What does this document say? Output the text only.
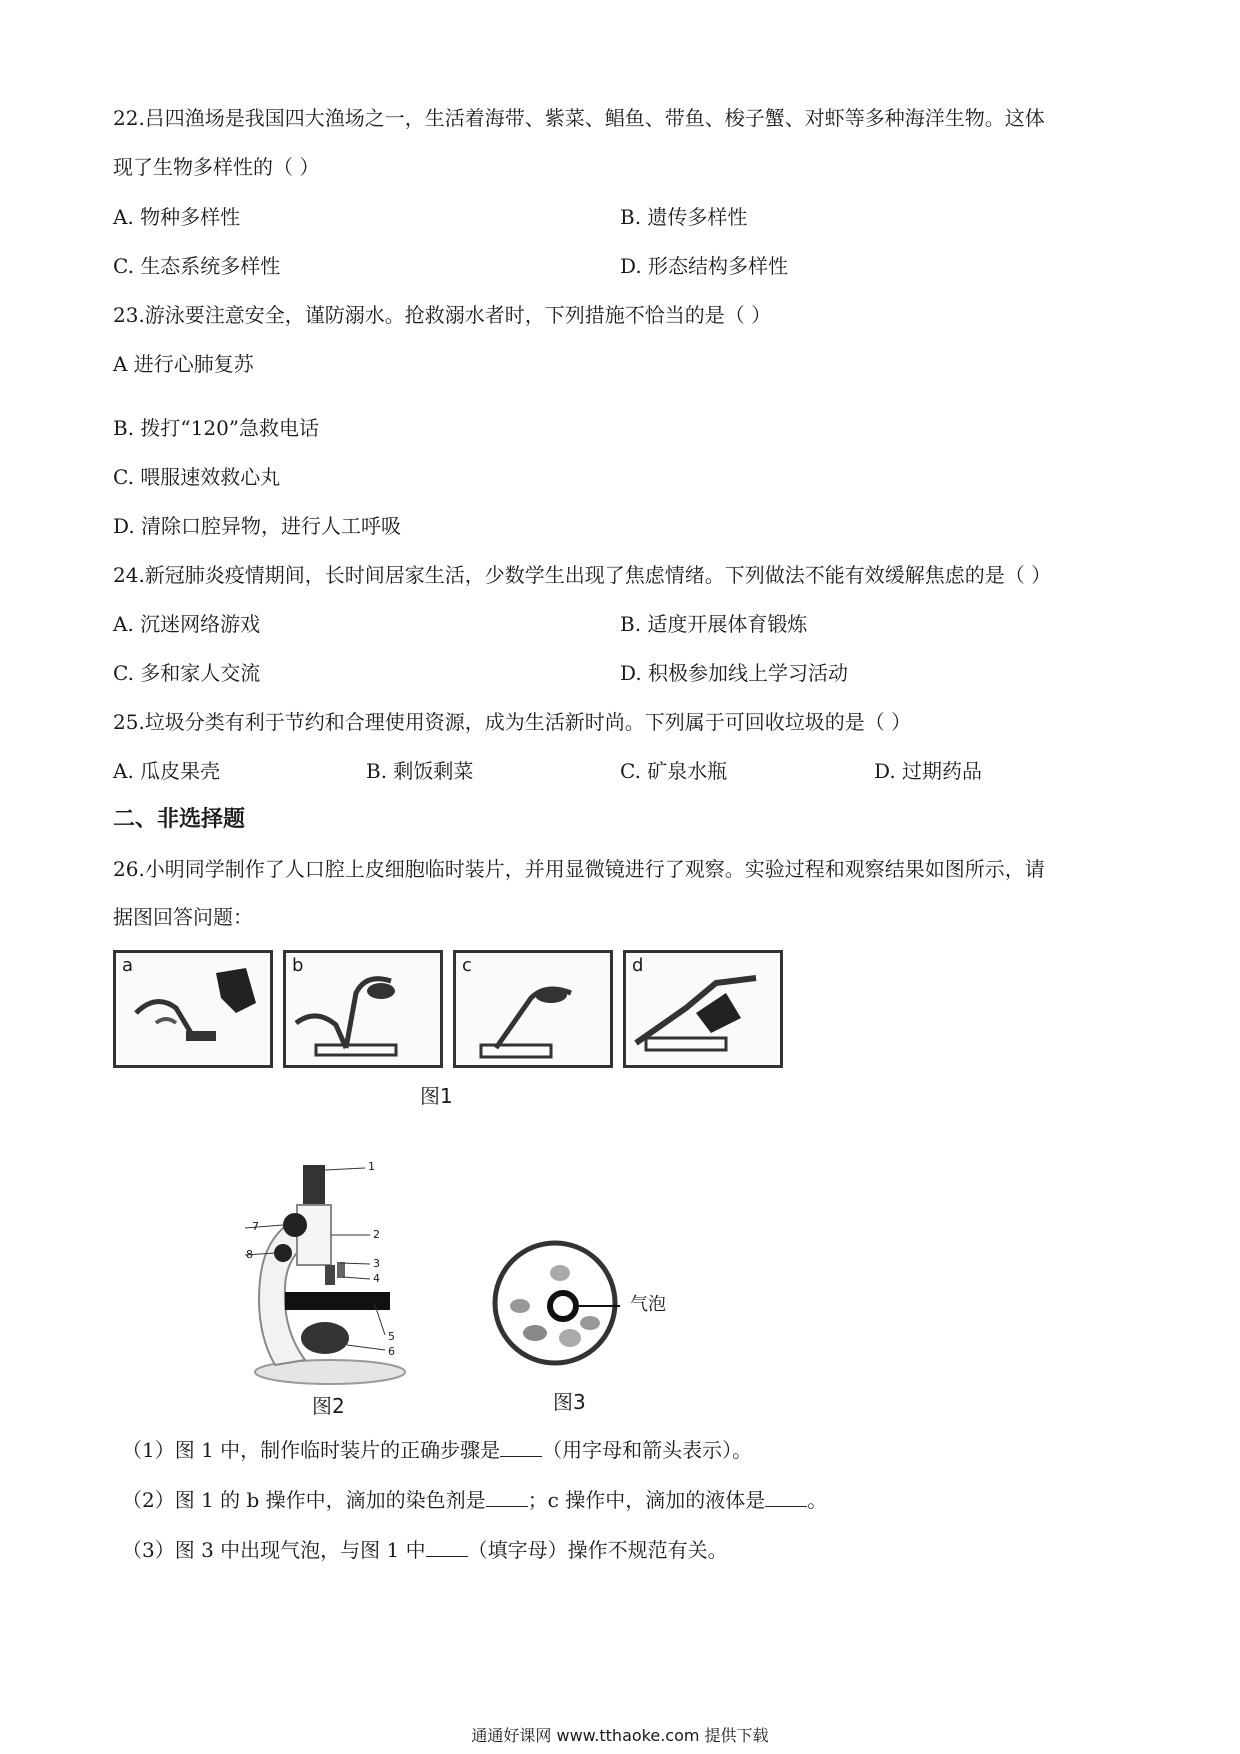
22.吕四渔场是我国四大渔场之一，生活着海带、紫菜、鲳鱼、带鱼、梭子蟹、对虾等多种海洋生物。这体
现了生物多样性的（ ）
A. 物种多样性	B. 遗传多样性
C. 生态系统多样性	D. 形态结构多样性
23.游泳要注意安全，谨防溺水。抢救溺水者时，下列措施不恰当的是（ ）
A 进行心肺复苏
B. 拨打“120”急救电话
C. 喂服速效救心丸
D. 清除口腔异物，进行人工呼吸
24.新冠肺炎疫情期间，长时间居家生活，少数学生出现了焦虑情绪。下列做法不能有效缓解焦虑的是（ ）
A. 沉迷网络游戏	B. 适度开展体育锻炼
C. 多和家人交流	D. 积极参加线上学习活动
25.垃圾分类有利于节约和合理使用资源，成为生活新时尚。下列属于可回收垃圾的是（ ）
A. 瓜皮果壳	B. 剩饭剩菜	C. 矿泉水瓶	D. 过期药品
二、非选择题
26.小明同学制作了人口腔上皮细胞临时装片，并用显微镜进行了观察。实验过程和观察结果如图所示，请
据图回答问题：
a	b	c	d
图1
1
2
3
4
5
6
7
8
图2
气泡
图3
（1）图 1 中，制作临时装片的正确步骤是 （用字母和箭头表示）。
（2）图 1 的 b 操作中，滴加的染色剂是 ；c 操作中，滴加的液体是 。
（3）图 3 中出现气泡，与图 1 中 （填字母）操作不规范有关。
通通好课网 www.tthaoke.com 提供下载
